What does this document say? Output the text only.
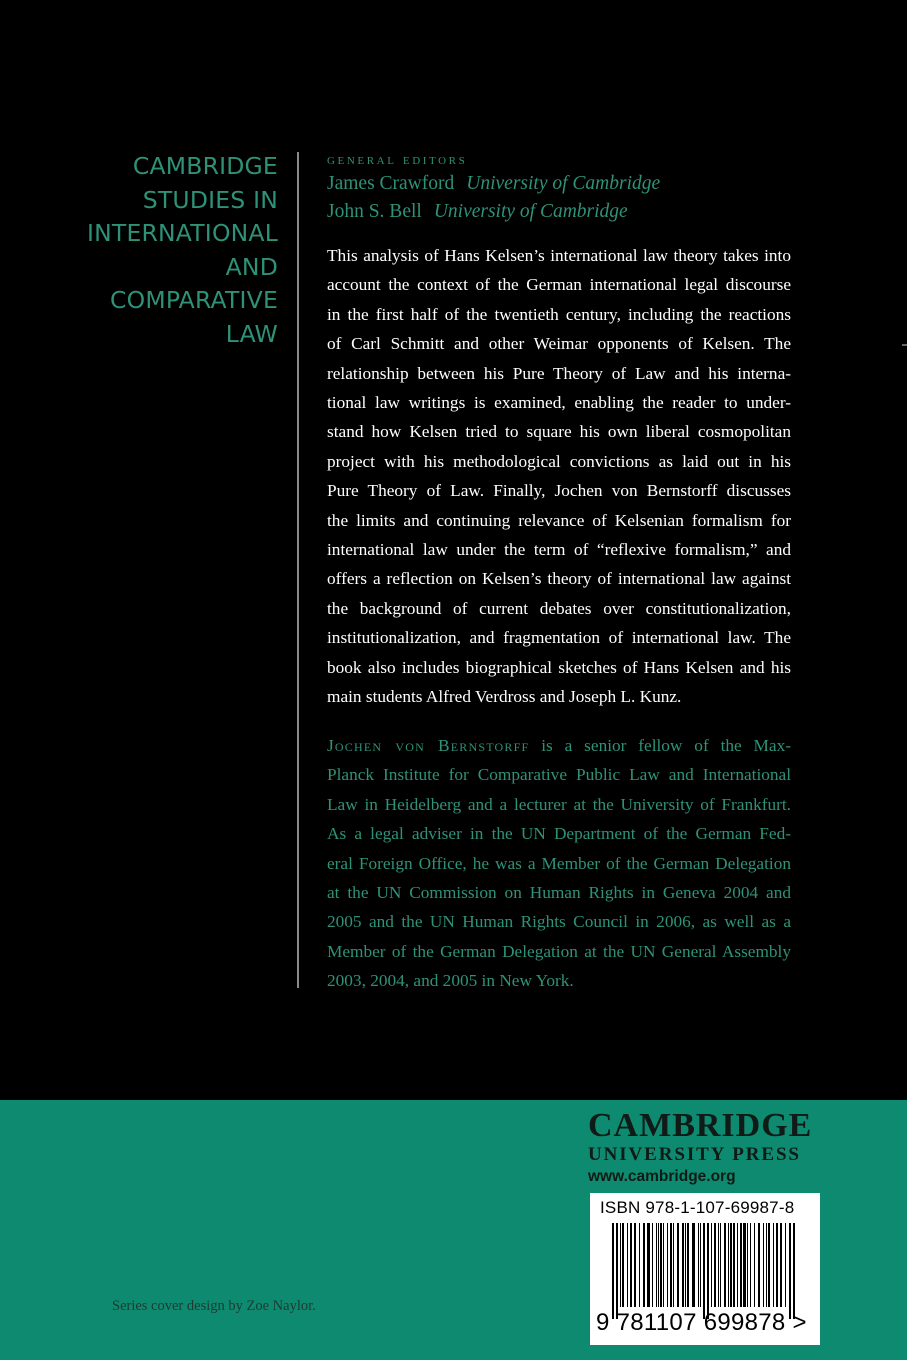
CAMBRIDGE
STUDIES IN
INTERNATIONAL
AND
COMPARATIVE
LAW
general editors
James Crawford University of Cambridge
John S. Bell University of Cambridge
This analysis of Hans Kelsen’s international law theory takes into
account the context of the German international legal discourse
in the first half of the twentieth century, including the reactions
of Carl Schmitt and other Weimar opponents of Kelsen. The
relationship between his Pure Theory of Law and his interna-
tional law writings is examined, enabling the reader to under-
stand how Kelsen tried to square his own liberal cosmopolitan
project with his methodological convictions as laid out in his
Pure Theory of Law. Finally, Jochen von Bernstorff discusses
the limits and continuing relevance of Kelsenian formalism for
international law under the term of “reflexive formalism,” and
offers a reflection on Kelsen’s theory of international law against
the background of current debates over constitutionalization,
institutionalization, and fragmentation of international law. The
book also includes biographical sketches of Hans Kelsen and his
main students Alfred Verdross and Joseph L. Kunz.
Jochen von Bernstorff is a senior fellow of the Max-
Planck Institute for Comparative Public Law and International
Law in Heidelberg and a lecturer at the University of Frankfurt.
As a legal adviser in the UN Department of the German Fed-
eral Foreign Office, he was a Member of the German Delegation
at the UN Commission on Human Rights in Geneva 2004 and
2005 and the UN Human Rights Council in 2006, as well as a
Member of the German Delegation at the UN General Assembly
2003, 2004, and 2005 in New York.
CAMBRIDGE
UNIVERSITY PRESS
www.cambridge.org
ISBN 978-1-107-69987-8
9 781107 699878 >
Series cover design by Zoe Naylor.
